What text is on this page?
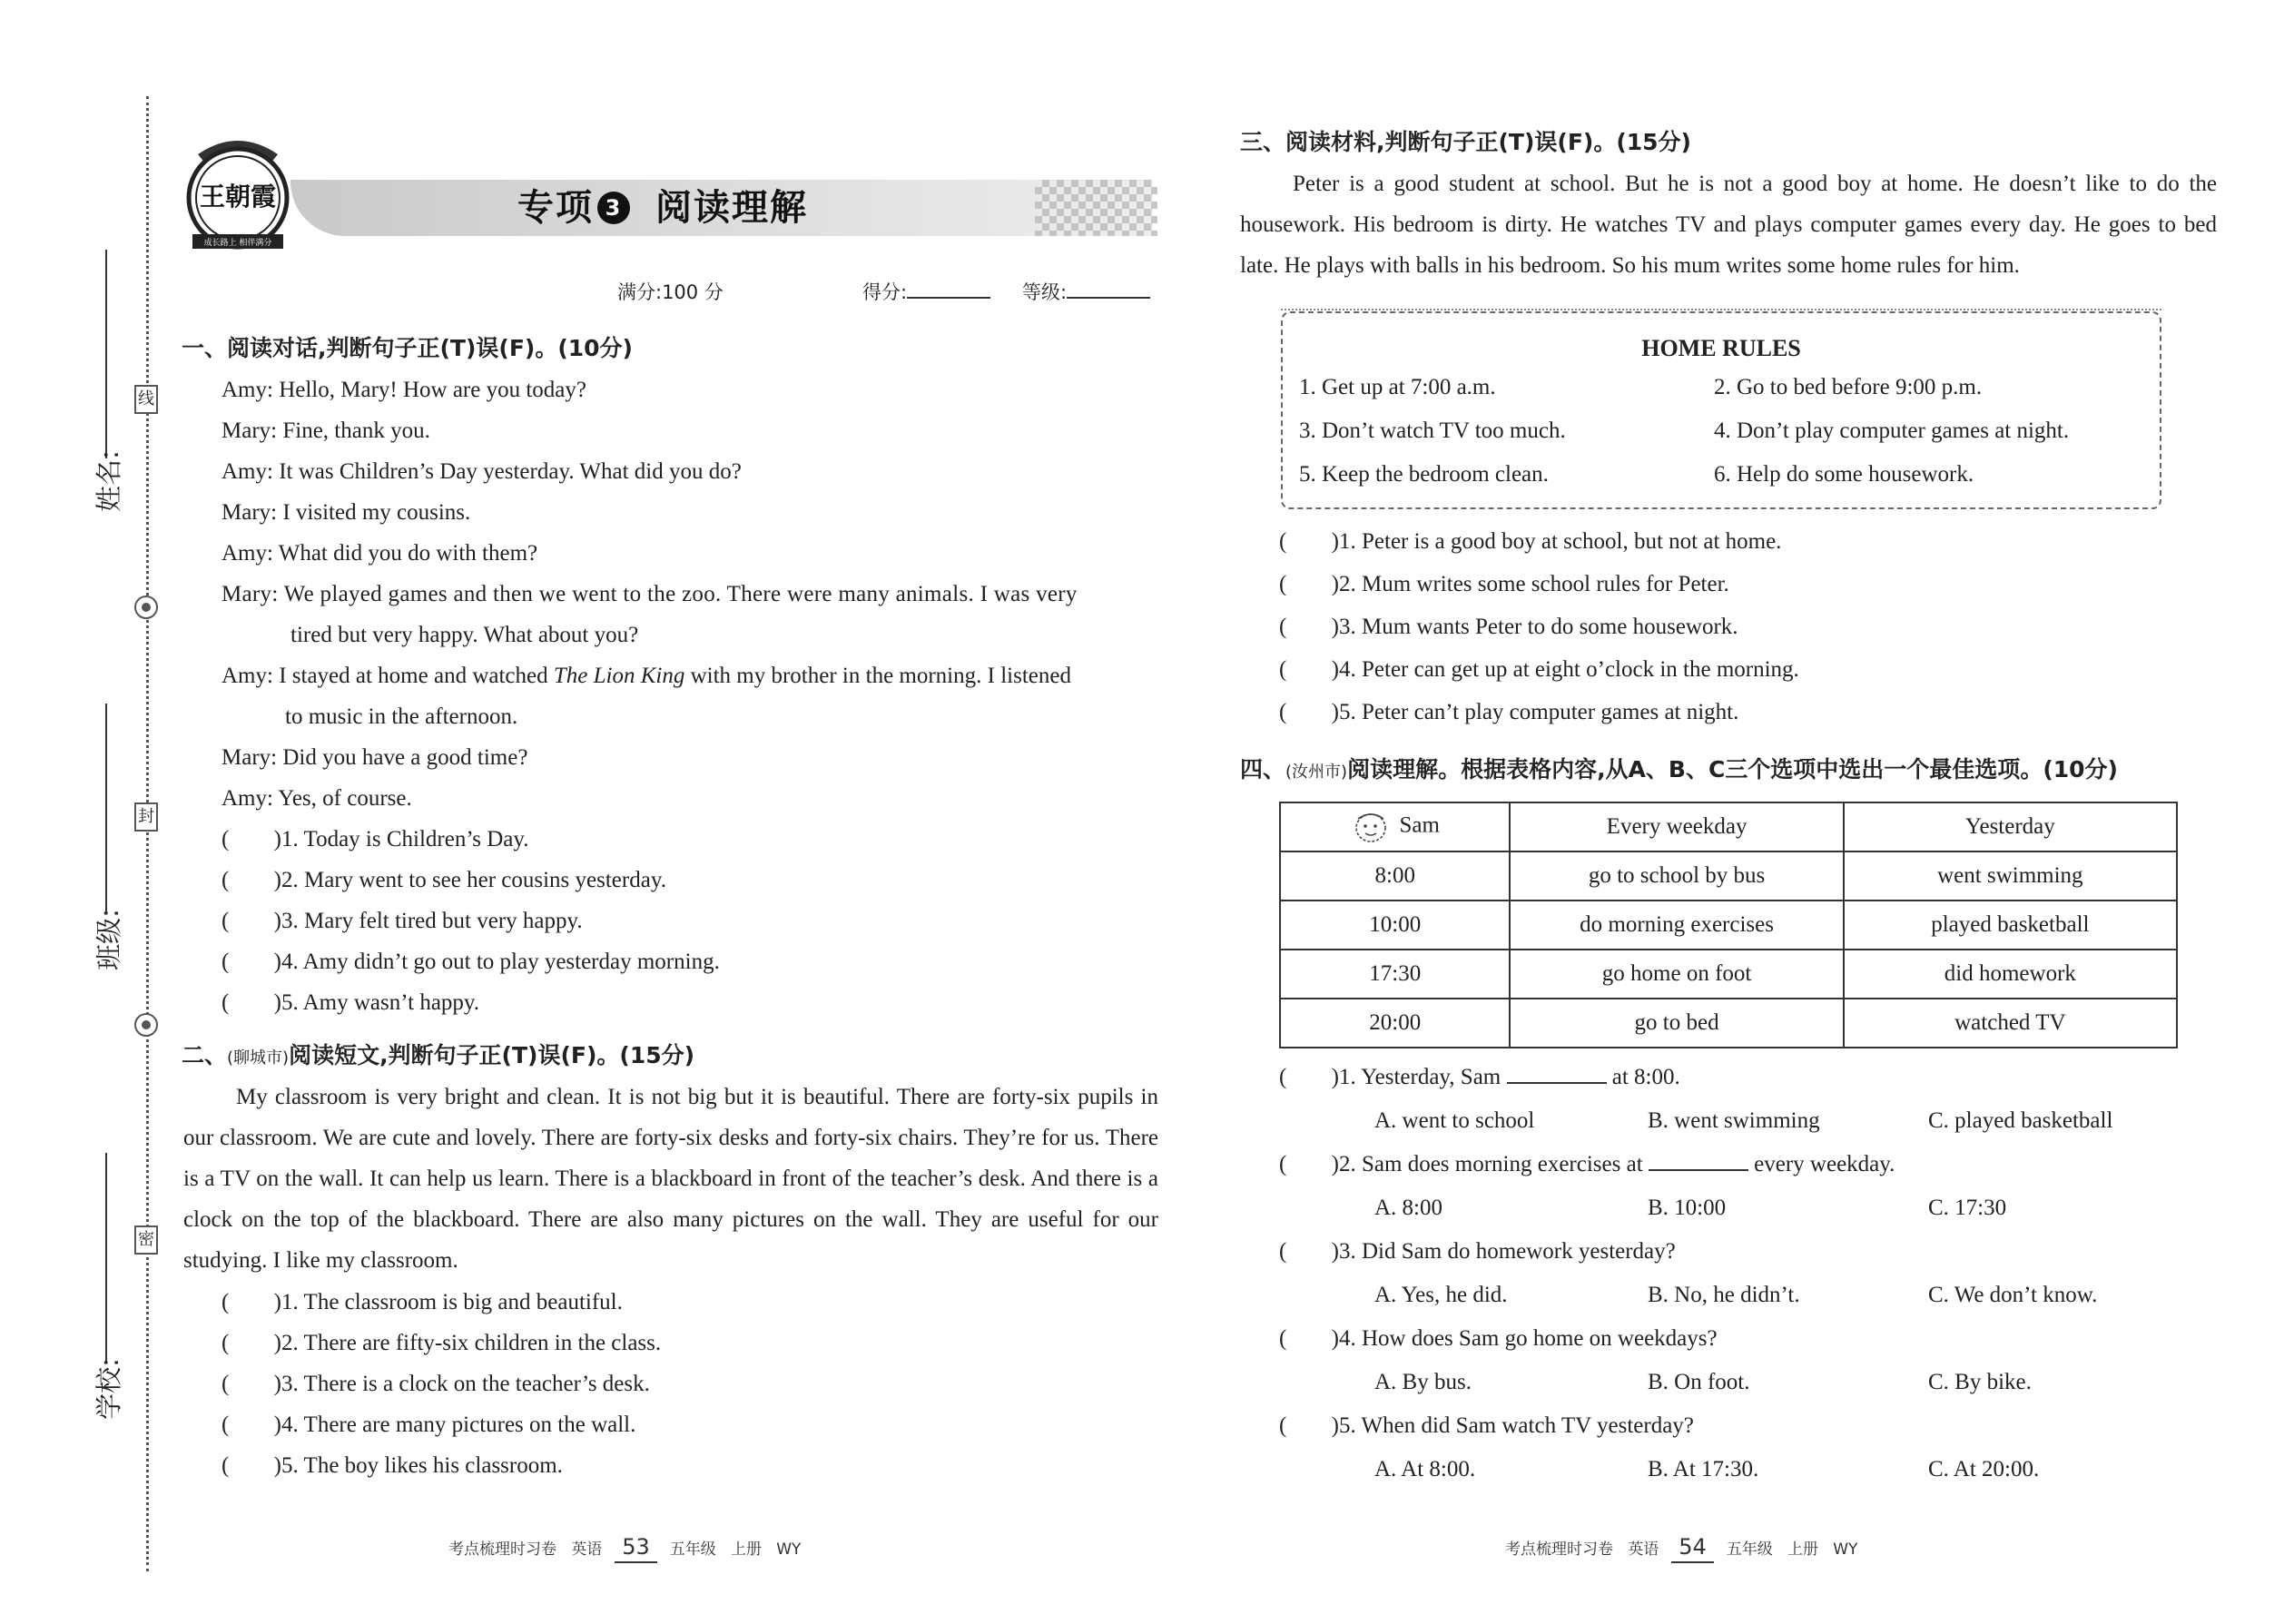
线
封
密
姓名:
班级:
学校:
王朝霞
成长路上 相伴满分
专项 3 阅读理解
满分:100 分	得分:	等级:
一、阅读对话,判断句子正(T)误(F)。(10分)
Amy: Hello, Mary! How are you today?
Mary: Fine, thank you.
Amy: It was Children’s Day yesterday. What did you do?
Mary: I visited my cousins.
Amy: What did you do with them?
Mary: We played games and then we went to the zoo. There were many animals. I was very
tired but very happy. What about you?
Amy: I stayed at home and watched The Lion King with my brother in the morning. I listened
to music in the afternoon.
Mary: Did you have a good time?
Amy: Yes, of course.
( )1. Today is Children’s Day.
( )2. Mary went to see her cousins yesterday.
( )3. Mary felt tired but very happy.
( )4. Amy didn’t go out to play yesterday morning.
( )5. Amy wasn’t happy.
二、(聊城市)阅读短文,判断句子正(T)误(F)。(15分)

My classroom is very bright and clean. It is not big but it is beautiful. There are forty-six pupils in our classroom. We are cute and lovely. There are forty-six desks and forty-six chairs. They’re for us. There is a TV on the wall. It can help us learn. There is a blackboard in front of the teacher’s desk. And there is a clock on the top of the blackboard. There are also many pictures on the wall. They are useful for our studying. I like my classroom.

( )1. The classroom is big and beautiful.
( )2. There are fifty-six children in the class.
( )3. There is a clock on the teacher’s desk.
( )4. There are many pictures on the wall.
( )5. The boy likes his classroom.
三、阅读材料,判断句子正(T)误(F)。(15分)

Peter is a good student at school. But he is not a good boy at home. He doesn’t like to do the housework. His bedroom is dirty. He watches TV and plays computer games every day. He goes to bed late. He plays with balls in his bedroom. So his mum writes some home rules for him.

HOME RULES
1. Get up at 7:00 a.m.	2. Go to bed before 9:00 p.m.
3. Don’t watch TV too much.	4. Don’t play computer games at night.
5. Keep the bedroom clean.	6. Help do some housework.
( )1. Peter is a good boy at school, but not at home.
( )2. Mum writes some school rules for Peter.
( )3. Mum wants Peter to do some housework.
( )4. Peter can get up at eight o’clock in the morning.
( )5. Peter can’t play computer games at night.
四、(汝州市)阅读理解。根据表格内容,从A、B、C三个选项中选出一个最佳选项。(10分)
Sam	Every weekday	Yesterday
8:00	go to school by bus	went swimming
10:00	do morning exercises	played basketball
17:30	go home on foot	did homework
20:00	go to bed	watched TV
( )1. Yesterday, Sam	at 8:00.
A. went to school	B. went swimming	C. played basketball
( )2. Sam does morning exercises at	every weekday.
A. 8:00	B. 10:00	C. 17:30
( )3. Did Sam do homework yesterday?
A. Yes, he did.	B. No, he didn’t.	C. We don’t know.
( )4. How does Sam go home on weekdays?
A. By bus.	B. On foot.	C. By bike.
( )5. When did Sam watch TV yesterday?
A. At 8:00.	B. At 17:30.	C. At 20:00.
考点梳理时习卷 英语 53 五年级 上册 WY	考点梳理时习卷 英语 54 五年级 上册 WY
